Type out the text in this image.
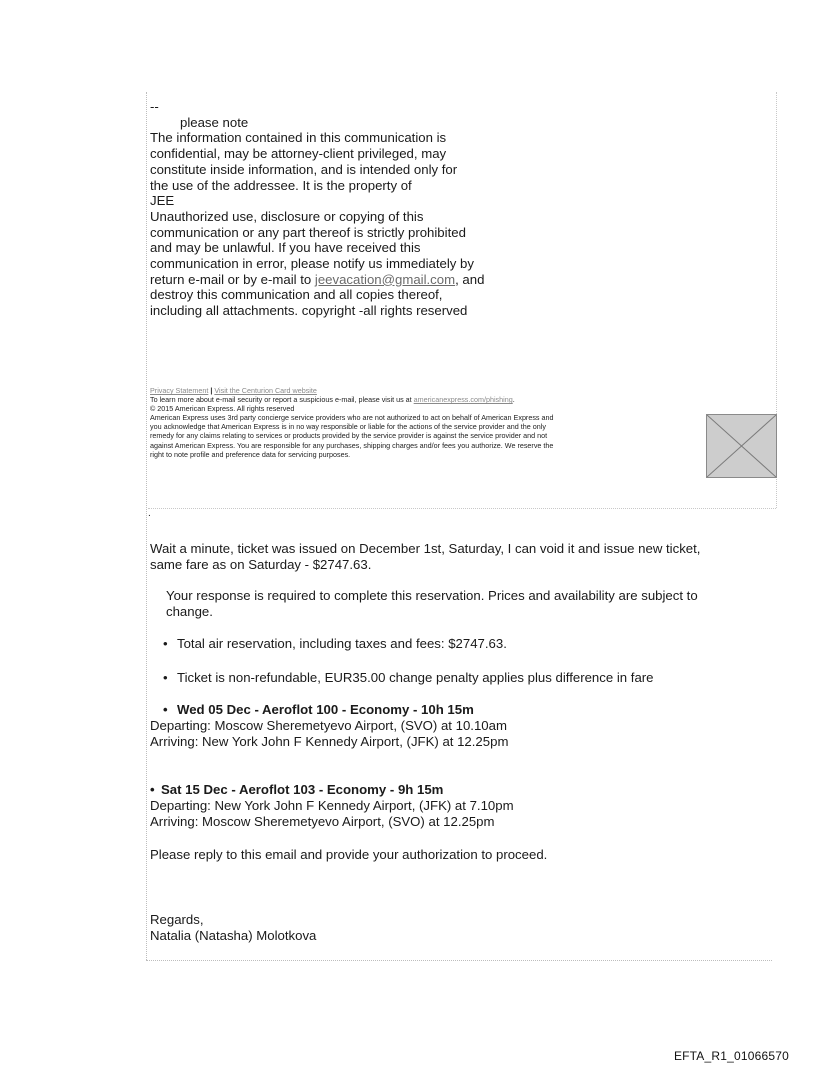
--
please note
The information contained in this communication is
confidential, may be attorney-client privileged, may
constitute inside information, and is intended only for
the use of the addressee. It is the property of
JEE
Unauthorized use, disclosure or copying of this
communication or any part thereof is strictly prohibited
and may be unlawful. If you have received this
communication in error, please notify us immediately by
return e-mail or by e-mail to jeevacation@gmail.com, and
destroy this communication and all copies thereof,
including all attachments. copyright -all rights reserved
Privacy Statement | Visit the Centurion Card website
To learn more about e-mail security or report a suspicious e-mail, please visit us at americanexpress.com/phishing.
© 2015 American Express. All rights reserved
American Express uses 3rd party concierge service providers who are not authorized to act on behalf of American Express and
you acknowledge that American Express is in no way responsible or liable for the actions of the service provider and the only
remedy for any claims relating to services or products provided by the service provider is against the service provider and not
against American Express. You are responsible for any purchases, shipping charges and/or fees you authorize. We reserve the
right to note profile and preference data for servicing purposes.
.
Wait a minute, ticket was issued on December 1st, Saturday, I can void it and issue new ticket,
same fare as on Saturday - $2747.63.
Your response is required to complete this reservation. Prices and availability are subject to
change.
• Total air reservation, including taxes and fees: $2747.63.
• Ticket is non-refundable, EUR35.00 change penalty applies plus difference in fare
• Wed 05 Dec - Aeroflot 100 - Economy - 10h 15m
Departing: Moscow Sheremetyevo Airport, (SVO) at 10.10am
Arriving: New York John F Kennedy Airport, (JFK) at 12.25pm
• Sat 15 Dec - Aeroflot 103 - Economy - 9h 15m
Departing: New York John F Kennedy Airport, (JFK) at 7.10pm
Arriving: Moscow Sheremetyevo Airport, (SVO) at 12.25pm
Please reply to this email and provide your authorization to proceed.
Regards,
Natalia (Natasha) Molotkova
EFTA_R1_01066570
